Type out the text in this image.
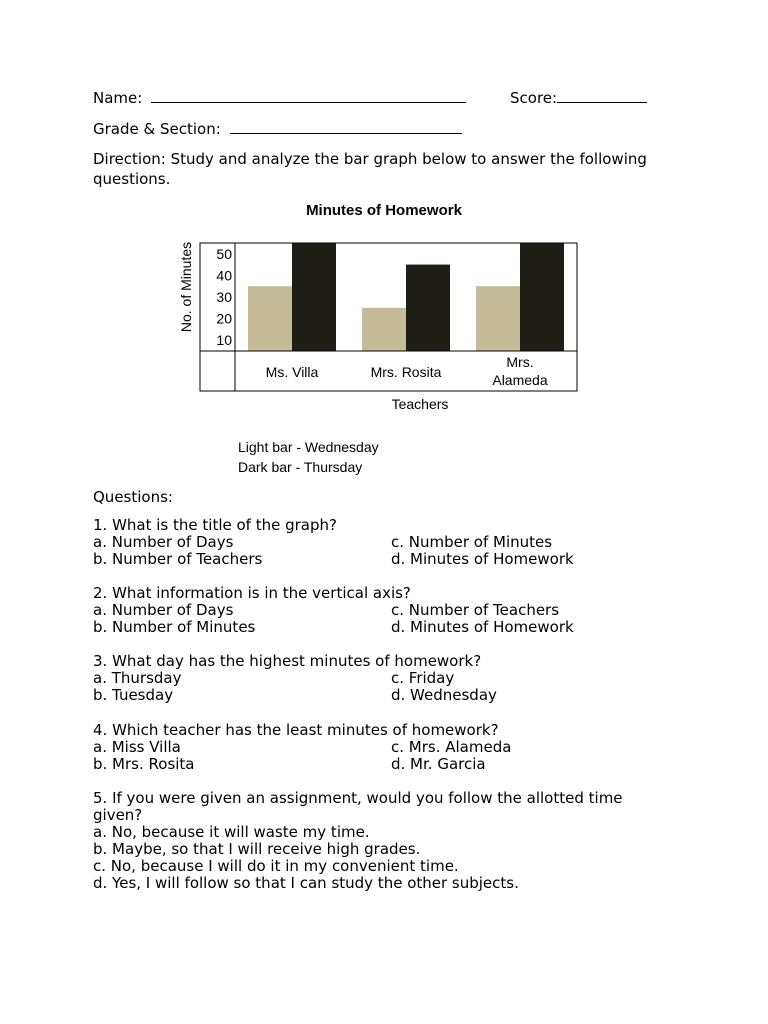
Name:	Score:
Grade & Section:
Direction: Study and analyze the bar graph below to answer the following
questions.
Minutes of Homework
10
20
30
40
50
Ms. Villa	Mrs. Rosita
Mrs.
Alameda
Teachers
No. of Minutes
Light bar - Wednesday
Dark bar - Thursday
Questions:
1. What is the title of the graph?
a. Number of Days
b. Number of Teachers
c. Number of Minutes
d. Minutes of Homework
2. What information is in the vertical axis?
a. Number of Days
b. Number of Minutes
c. Number of Teachers
d. Minutes of Homework
3. What day has the highest minutes of homework?
a. Thursday
b. Tuesday
c. Friday
d. Wednesday
4. Which teacher has the least minutes of homework?
a. Miss Villa
b. Mrs. Rosita
c. Mrs. Alameda
d. Mr. Garcia
5. If you were given an assignment, would you follow the allotted time
given?
a. No, because it will waste my time.
b. Maybe, so that I will receive high grades.
c. No, because I will do it in my convenient time.
d. Yes, I will follow so that I can study the other subjects.
